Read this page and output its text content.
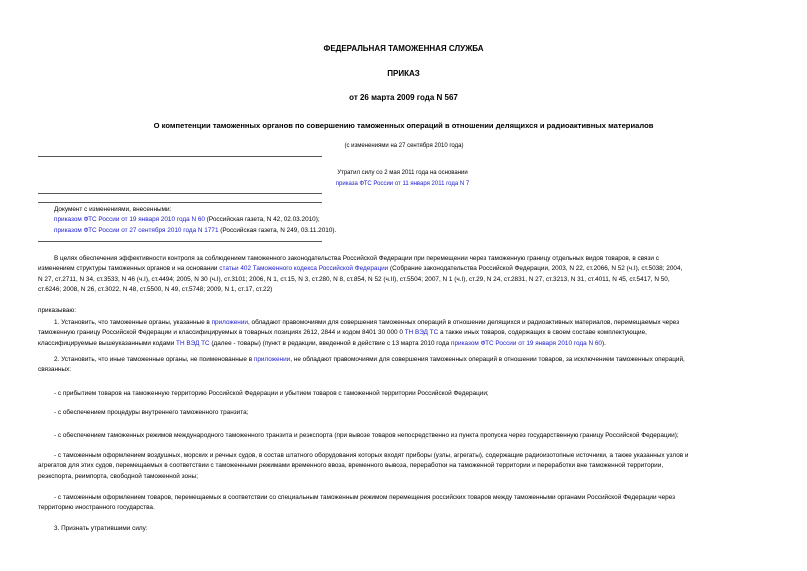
ФЕДЕРАЛЬНАЯ ТАМОЖЕННАЯ СЛУЖБА
ПРИКАЗ
от 26 марта 2009 года N 567
О компетенции таможенных органов по совершению таможенных операций в отношении делящихся и радиоактивных материалов
(с изменениями на 27 сентября 2010 года)
Утратил силу со 2 мая 2011 года на основании
приказа ФТС России от 11 января 2011 года N 7
Документ с изменениями, внесенными:
приказом ФТС России от 19 января 2010 года N 60 (Российская газета, N 42, 02.03.2010);
приказом ФТС России от 27 сентября 2010 года N 1771 (Российская газета, N 249, 03.11.2010).
В целях обеспечения эффективности контроля за соблюдением таможенного законодательства Российской Федерации при перемещении через таможенную границу отдельных видов товаров, в связи с
изменением структуры таможенных органов и на основании статьи 402 Таможенного кодекса Российской Федерации (Собрание законодательства Российской Федерации, 2003, N 22, ст.2066, N 52 (ч.I), ст.5038; 2004,
N 27, ст.2711, N 34, ст.3533, N 46 (ч.I), ст.4494; 2005, N 30 (ч.I), ст.3101; 2006, N 1, ст.15, N 3, ст.280, N 8, ст.854, N 52 (ч.II), ст.5504; 2007, N 1 (ч.I), ст.29, N 24, ст.2831, N 27, ст.3213, N 31, ст.4011, N 45, ст.5417, N 50,
ст.6246; 2008, N 26, ст.3022, N 48, ст.5500, N 49, ст.5748; 2009, N 1, ст.17, ст.22)
приказываю:
1. Установить, что таможенные органы, указанные в приложении, обладают правомочиями для совершения таможенных операций в отношении делящихся и радиоактивных материалов, перемещаемых через
таможенную границу Российской Федерации и классифицируемых в товарных позициях 2612, 2844 и кодом 8401 30 000 0 ТН ВЭД ТС а также иных товаров, содержащих в своем составе комплектующие,
классифицируемые вышеуказанными кодами ТН ВЭД ТС (далее - товары) (пункт в редакции, введенной в действие с 13 марта 2010 года приказом ФТС России от 19 января 2010 года N 60).
2. Установить, что иные таможенные органы, не поименованные в приложении, не обладают правомочиями для совершения таможенных операций в отношении товаров, за исключением таможенных операций,
связанных:
- с прибытием товаров на таможенную территорию Российской Федерации и убытием товаров с таможенной территории Российской Федерации;
- с обеспечением процедуры внутреннего таможенного транзита;
- с обеспечением таможенных режимов международного таможенного транзита и реэкспорта (при вывозе товаров непосредственно из пункта пропуска через государственную границу Российской Федерации);
- с таможенным оформлением воздушных, морских и речных судов, в состав штатного оборудования которых входят приборы (узлы, агрегаты), содержащие радиоизотопные источники, а также указанных узлов и
агрегатов для этих судов, перемещаемых в соответствии с таможенными режимами временного ввоза, временного вывоза, переработки на таможенной территории и переработки вне таможенной территории,
реэкспорта, реимпорта, свободной таможенной зоны;
- с таможенным оформлением товаров, перемещаемых в соответствии со специальным таможенным режимом перемещения российских товаров между таможенными органами Российской Федерации через
территорию иностранного государства.
3. Признать утратившими силу:
